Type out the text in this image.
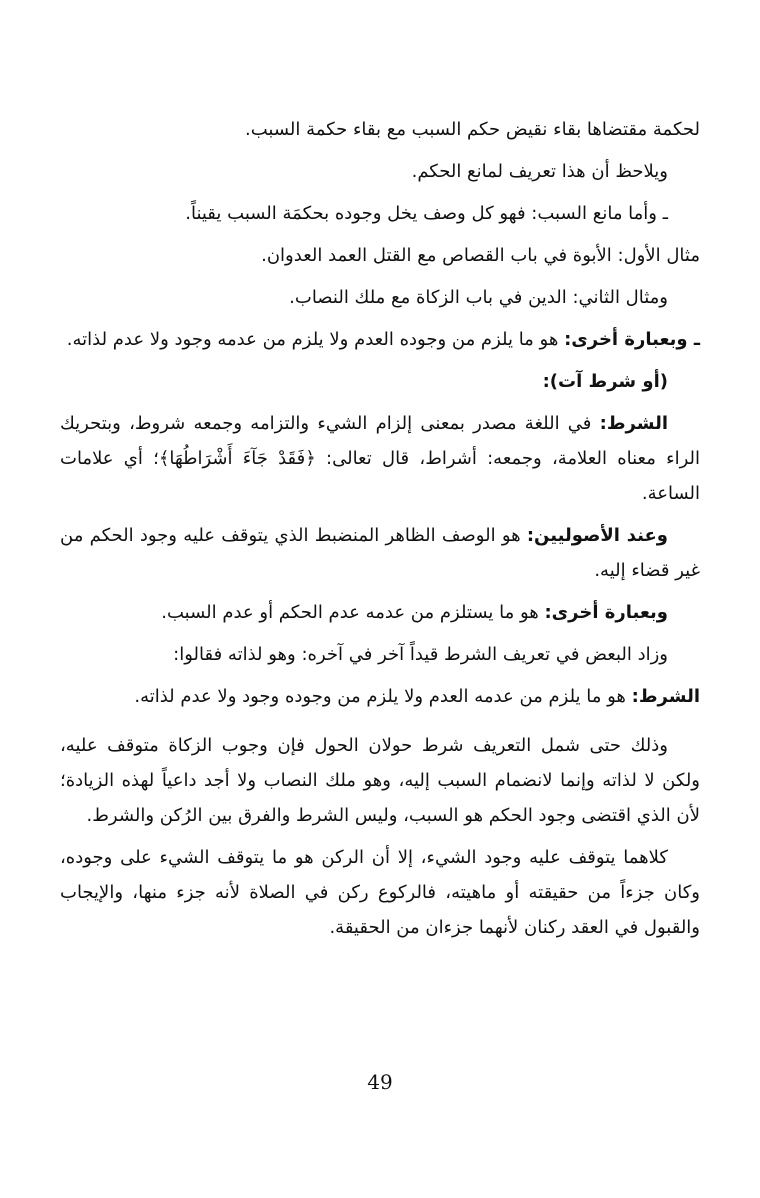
لحكمة مقتضاها بقاء نقيض حكم السبب مع بقاء حكمة السبب.

ويلاحظ أن هذا تعريف لمانع الحكم.

ـ وأما مانع السبب: فهو كل وصف يخل وجوده بحكمَة السبب يقيناً.

مثال الأول: الأبوة في باب القصاص مع القتل العمد العدوان.

ومثال الثاني: الدين في باب الزكاة مع ملك النصاب.

ـ وبعبارة أخرى: هو ما يلزم من وجوده العدم ولا يلزم من عدمه وجود ولا عدم لذاته.

(أو شرط آت):

الشرط: في اللغة مصدر بمعنى إلزام الشيء والتزامه وجمعه شروط، وبتحريك الراء معناه العلامة، وجمعه: أشراط، قال تعالى: ﴿فَقَدْ جَآءَ أَشْرَاطُهَا﴾؛ أي علامات الساعة.

وعند الأصوليين: هو الوصف الظاهر المنضبط الذي يتوقف عليه وجود الحكم من غير قضاء إليه.

وبعبارة أخرى: هو ما يستلزم من عدمه عدم الحكم أو عدم السبب.

وزاد البعض في تعريف الشرط قيداً آخر في آخره: وهو لذاته فقالوا:

الشرط: هو ما يلزم من عدمه العدم ولا يلزم من وجوده وجود ولا عدم لذاته.

وذلك حتى شمل التعريف شرط حولان الحول فإن وجوب الزكاة متوقف عليه، ولكن لا لذاته وإنما لانضمام السبب إليه، وهو ملك النصاب ولا أجد داعياً لهذه الزيادة؛ لأن الذي اقتضى وجود الحكم هو السبب، وليس الشرط والفرق بين الرُكن والشرط.

كلاهما يتوقف عليه وجود الشيء، إلا أن الركن هو ما يتوقف الشيء على وجوده، وكان جزءاً من حقيقته أو ماهيته، فالركوع ركن في الصلاة لأنه جزء منها، والإيجاب والقبول في العقد ركنان لأنهما جزءان من الحقيقة.

49
